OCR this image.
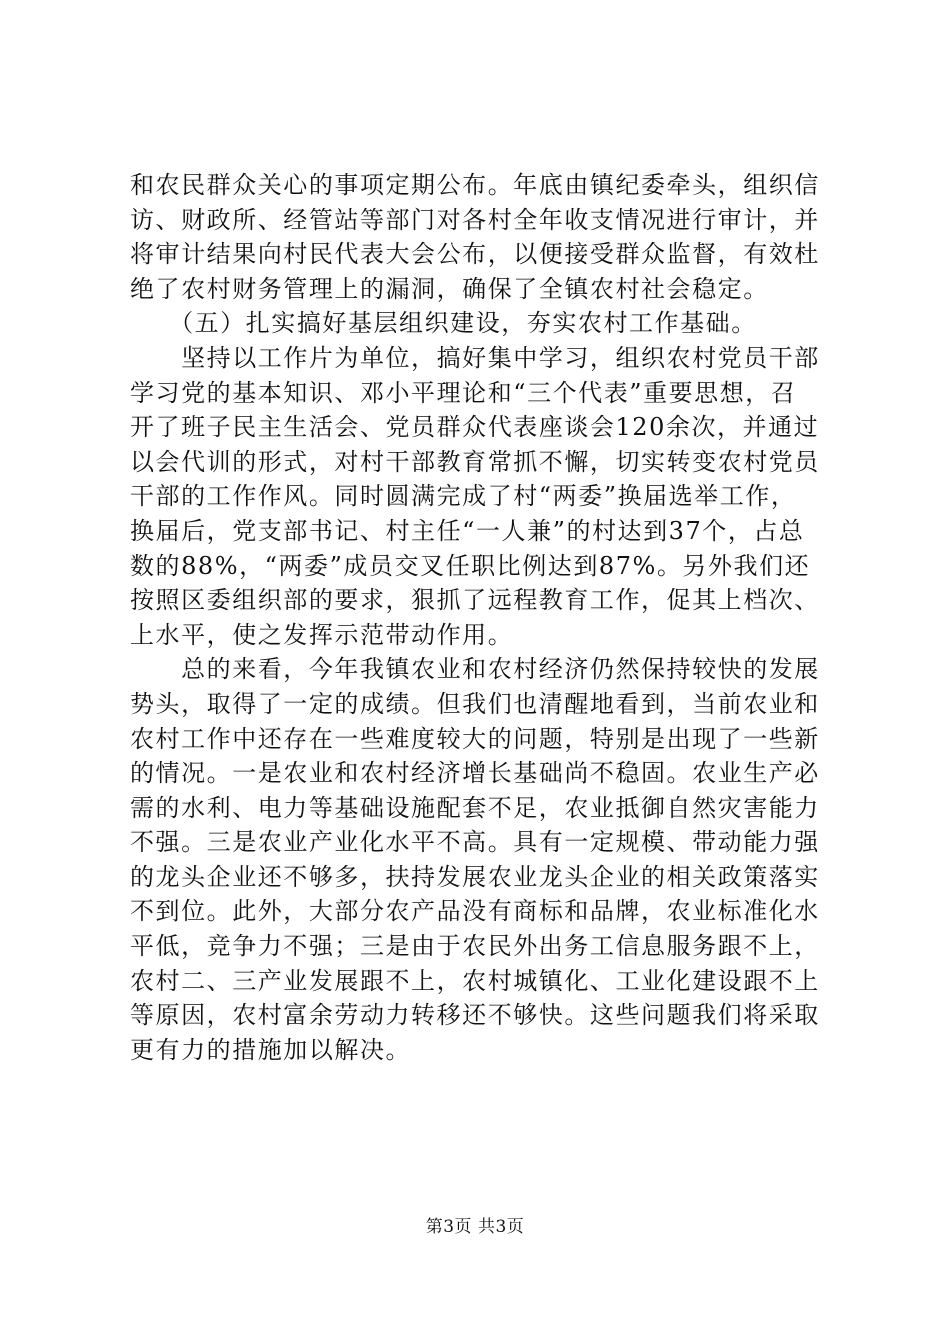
和农民群众关心的事项定期公布。年底由镇纪委牵头，组织信
访、财政所、经管站等部门对各村全年收支情况进行审计，并
将审计结果向村民代表大会公布，以便接受群众监督，有效杜
绝了农村财务管理上的漏洞，确保了全镇农村社会稳定。
　　（五）扎实搞好基层组织建设，夯实农村工作基础。
　　坚持以工作片为单位，搞好集中学习，组织农村党员干部
学习党的基本知识、邓小平理论和“三个代表”重要思想，召
开了班子民主生活会、党员群众代表座谈会120余次，并通过
以会代训的形式，对村干部教育常抓不懈，切实转变农村党员
干部的工作作风。同时圆满完成了村“两委”换届选举工作，
换届后，党支部书记、村主任“一人兼”的村达到37个，占总
数的88%，“两委”成员交叉任职比例达到87%。另外我们还
按照区委组织部的要求，狠抓了远程教育工作，促其上档次、
上水平，使之发挥示范带动作用。
　　总的来看，今年我镇农业和农村经济仍然保持较快的发展
势头，取得了一定的成绩。但我们也清醒地看到，当前农业和
农村工作中还存在一些难度较大的问题，特别是出现了一些新
的情况。一是农业和农村经济增长基础尚不稳固。农业生产必
需的水利、电力等基础设施配套不足，农业抵御自然灾害能力
不强。三是农业产业化水平不高。具有一定规模、带动能力强
的龙头企业还不够多，扶持发展农业龙头企业的相关政策落实
不到位。此外，大部分农产品没有商标和品牌，农业标准化水
平低，竞争力不强；三是由于农民外出务工信息服务跟不上，
农村二、三产业发展跟不上，农村城镇化、工业化建设跟不上
等原因，农村富余劳动力转移还不够快。这些问题我们将采取
更有力的措施加以解决。
第3页 共3页
